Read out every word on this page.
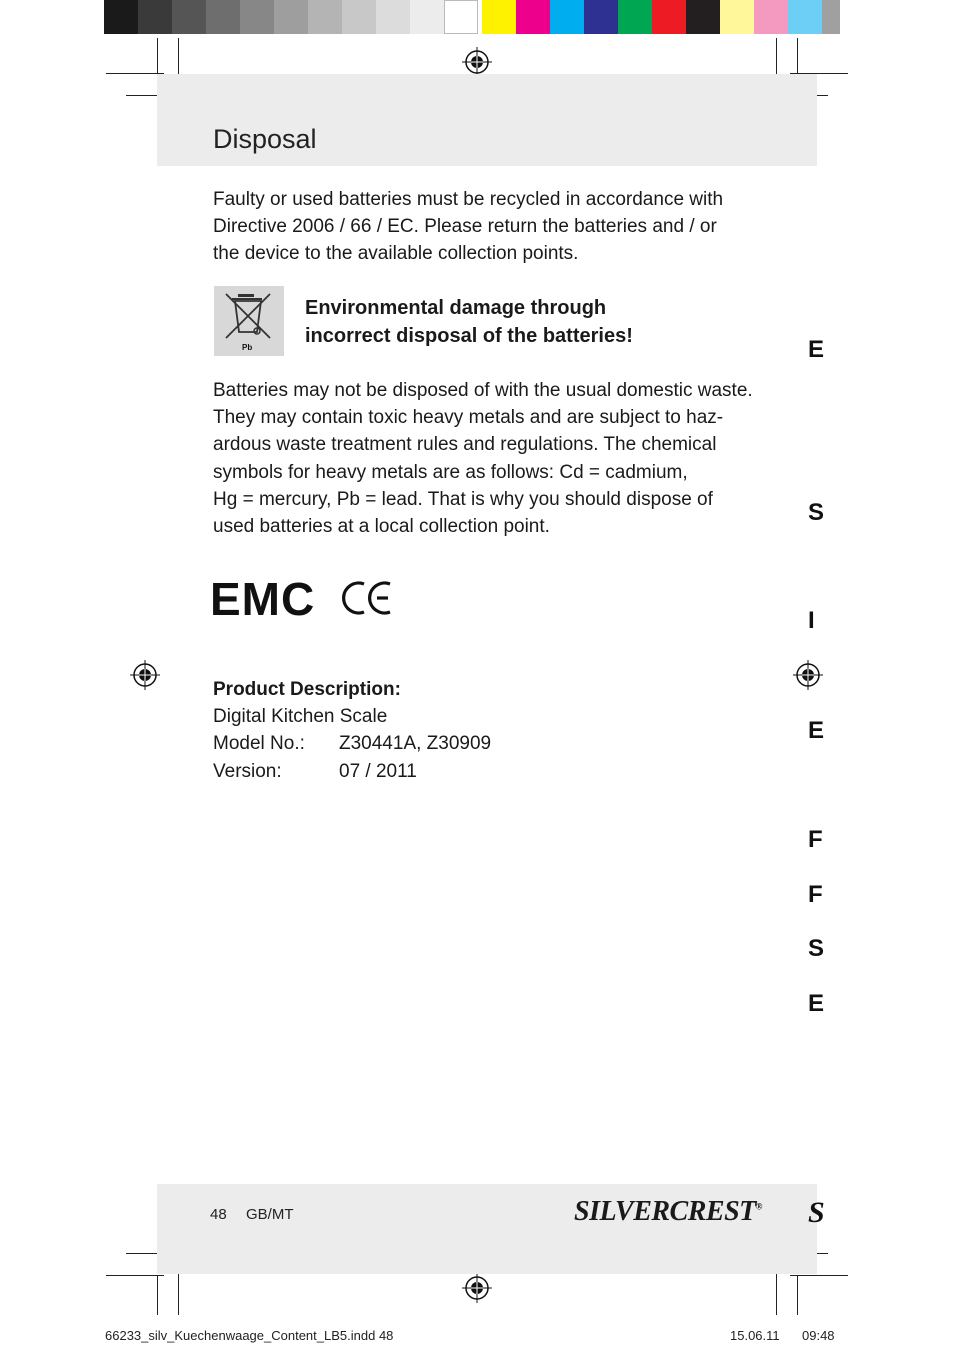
Disposal
Faulty or used batteries must be recycled in accordance with
Directive 2006 / 66 / EC. Please return the batteries and / or
the device to the available collection points.
Pb
Environmental damage through
incorrect disposal of the batteries!
Batteries may not be disposed of with the usual domestic waste.
They may contain toxic heavy metals and are subject to haz-
ardous waste treatment rules and regulations. The chemical
symbols for heavy metals are as follows: Cd = cadmium,
Hg = mercury, Pb = lead. That is why you should dispose of
used batteries at a local collection point.
EMC
Product Description:
Digital Kitchen Scale
Model No.: Z30441A, Z30909
Version:	07 / 2011
E
S
I
E
F
F
S
E
48 GB/MT	SILVERCREST® S
66233_silv_Kuechenwaage_Content_LB5.indd 48	15.06.11 09:48
